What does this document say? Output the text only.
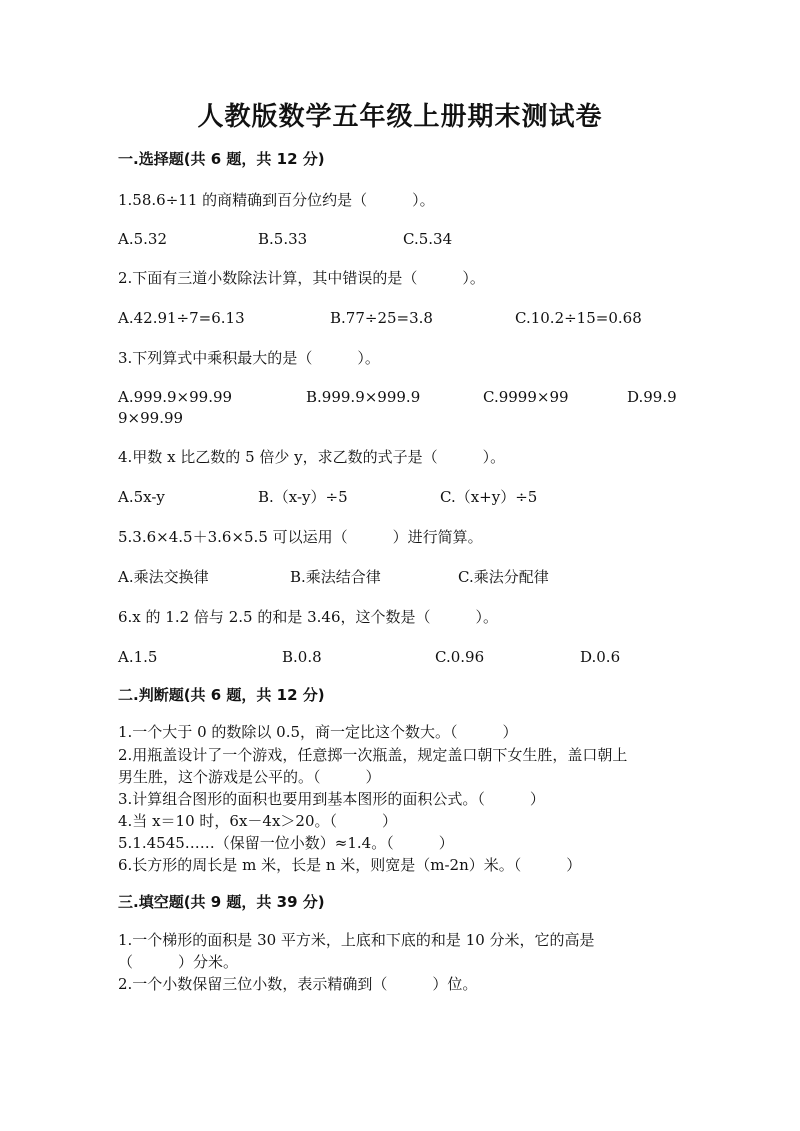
人教版数学五年级上册期末测试卷
一.选择题(共 6 题，共 12 分)
1.58.6÷11 的商精确到百分位约是（　　　）。
A.5.32	B.5.33	C.5.34
2.下面有三道小数除法计算，其中错误的是（　　　）。
A.42.91÷7=6.13	B.77÷25=3.8	C.10.2÷15=0.68
3.下列算式中乘积最大的是（　　　）。
A.999.9×99.99	B.999.9×999.9	C.9999×99	D.99.9
9×99.99
4.甲数 x 比乙数的 5 倍少 y，求乙数的式子是（　　　）。
A.5x-y	B.（x-y）÷5	C.（x+y）÷5
5.3.6×4.5＋3.6×5.5 可以运用（　　　）进行简算。
A.乘法交换律	B.乘法结合律	C.乘法分配律
6.x 的 1.2 倍与 2.5 的和是 3.46，这个数是（　　　）。
A.1.5	B.0.8	C.0.96	D.0.6
二.判断题(共 6 题，共 12 分)
1.一个大于 0 的数除以 0.5，商一定比这个数大。（　　　）
2.用瓶盖设计了一个游戏，任意掷一次瓶盖，规定盖口朝下女生胜，盖口朝上
男生胜，这个游戏是公平的。（　　　）
3.计算组合图形的面积也要用到基本图形的面积公式。（　　　）
4.当 x＝10 时，6x－4x＞20。（　　　）
5.1.4545……（保留一位小数）≈1.4。（　　　）
6.长方形的周长是 m 米，长是 n 米，则宽是（m-2n）米。（　　　）
三.填空题(共 9 题，共 39 分)
1.一个梯形的面积是 30 平方米，上底和下底的和是 10 分米，它的高是
（　　　）分米。
2.一个小数保留三位小数，表示精确到（　　　）位。
